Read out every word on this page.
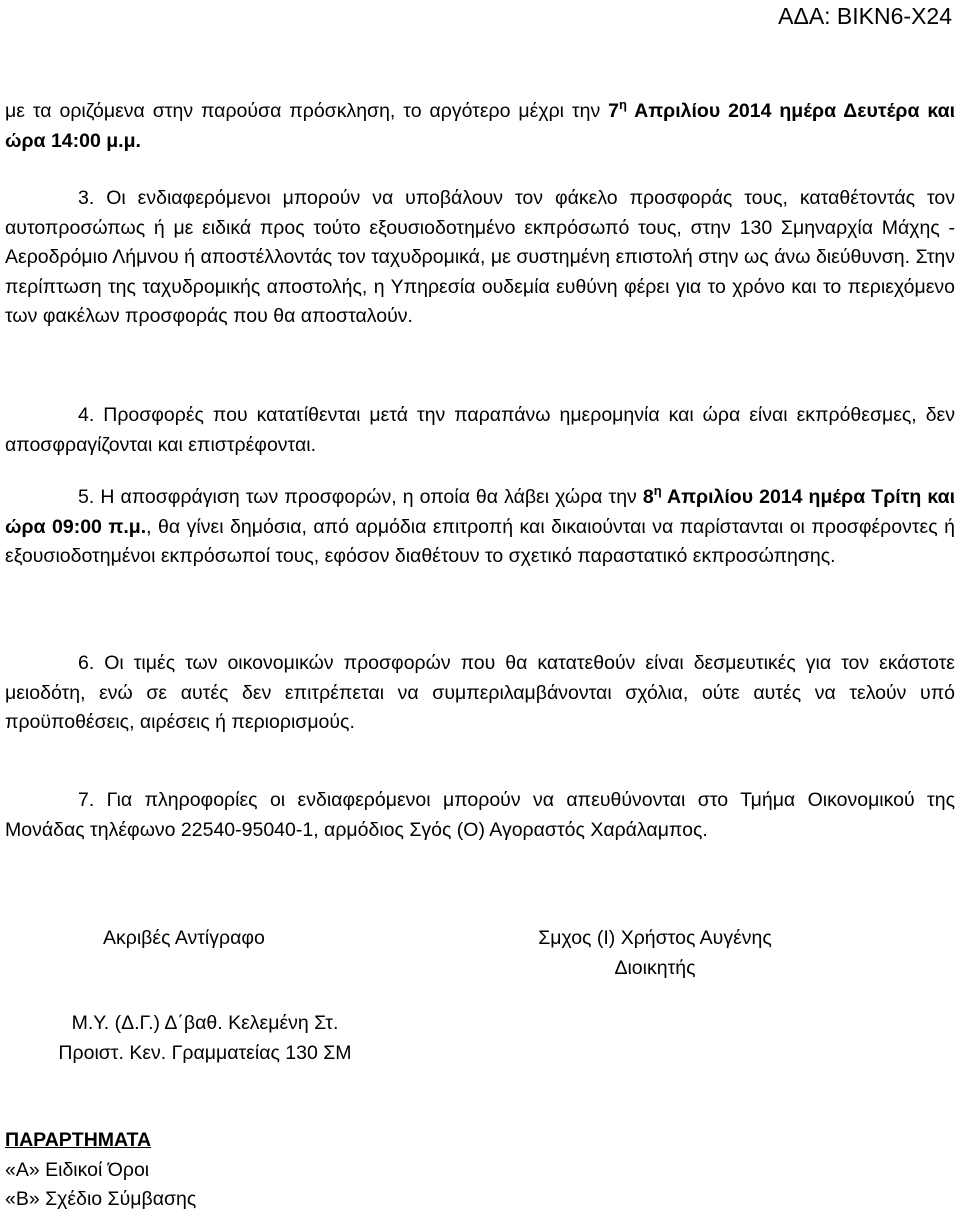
ΑΔΑ: ΒΙΚΝ6-Χ24

με τα οριζόμενα στην παρούσα πρόσκληση, το αργότερο μέχρι την $7^\eta$ Απριλίου 2014 ημέρα Δευτέρα και ώρα 14:00 μ.μ.

3. Οι ενδιαφερόμενοι μπορούν να υποβάλουν τον φάκελο προσφοράς τους, καταθέτοντάς τον αυτοπροσώπως ή με ειδικά προς τούτο εξουσιοδοτημένο εκπρόσωπό τους, στην 130 Σμηναρχία Μάχης - Αεροδρόμιο Λήμνου ή αποστέλλοντάς τον ταχυδρομικά, με συστημένη επιστολή στην ως άνω διεύθυνση. Στην περίπτωση της ταχυδρομικής αποστολής, η Υπηρεσία ουδεμία ευθύνη φέρει για το χρόνο και το περιεχόμενο των φακέλων προσφοράς που θα αποσταλούν.

4. Προσφορές που κατατίθενται μετά την παραπάνω ημερομηνία και ώρα είναι εκπρόθεσμες, δεν αποσφραγίζονται και επιστρέφονται.

5. Η αποσφράγιση των προσφορών, η οποία θα λάβει χώρα την $8^\eta$ Απριλίου 2014 ημέρα Τρίτη και ώρα 09:00 π.μ., θα γίνει δημόσια, από αρμόδια επιτροπή και δικαιούνται να παρίστανται οι προσφέροντες ή εξουσιοδοτημένοι εκπρόσωποί τους, εφόσον διαθέτουν το σχετικό παραστατικό εκπροσώπησης.

6. Οι τιμές των οικονομικών προσφορών που θα κατατεθούν είναι δεσμευτικές για τον εκάστοτε μειοδότη, ενώ σε αυτές δεν επιτρέπεται να συμπεριλαμβάνονται σχόλια, ούτε αυτές να τελούν υπό προϋποθέσεις, αιρέσεις ή περιορισμούς.

7. Για πληροφορίες οι ενδιαφερόμενοι μπορούν να απευθύνονται στο Τμήμα Οικονομικού της Μονάδας τηλέφωνο 22540-95040-1, αρμόδιος Σγός (Ο) Αγοραστός Χαράλαμπος.

Ακριβές Αντίγραφο	Σμχος (Ι) Χρήστος Αυγένης
Διοικητής
Μ.Υ. (Δ.Γ.) Δ΄βαθ. Κελεμένη Στ.
Προιστ. Κεν. Γραμματείας 130 ΣΜ
ΠΑΡΑΡΤΗΜΑΤΑ
«Α» Ειδικοί Όροι
«Β» Σχέδιο Σύμβασης
